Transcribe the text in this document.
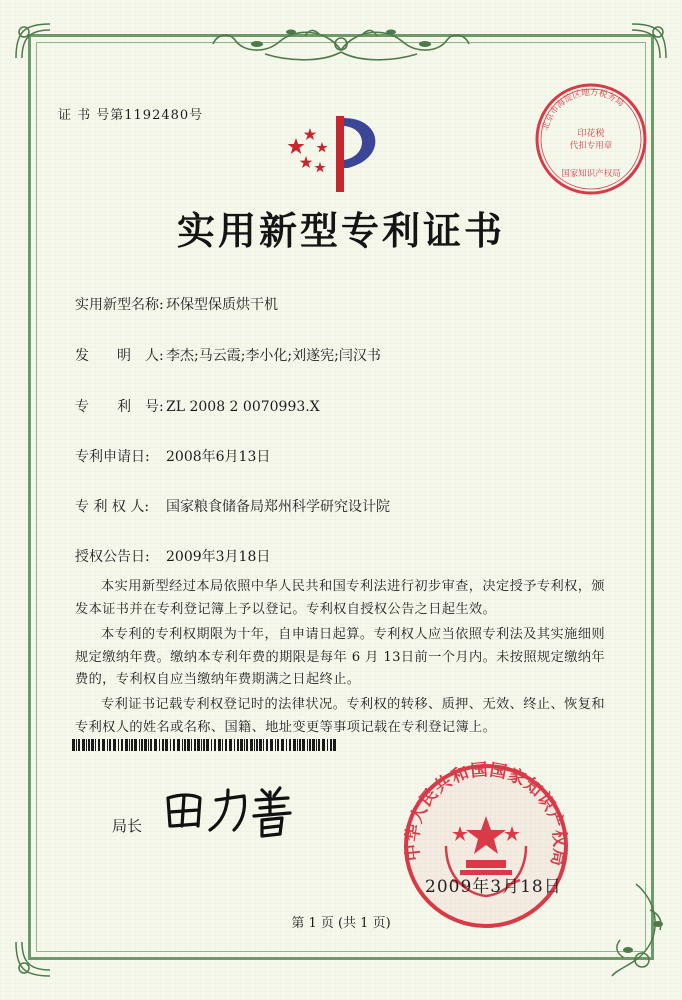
证 书 号第1192480号
北京市海淀区地方税务局
印花税
代扣专用章
国家知识产权局
实用新型专利证书
实用新型名称: 环保型保质烘干机
发　　明　人: 李杰;马云霞;李小化;刘遂宪;闫汉书
专　　利　号: ZL 2008 2 0070993.X
专利申请日: 2008年6月13日
专 利 权 人: 国家粮食储备局郑州科学研究设计院
授权公告日: 2009年3月18日
本实用新型经过本局依照中华人民共和国专利法进行初步审查，决定授予专利权，颁发本证书并在专利登记簿上予以登记。专利权自授权公告之日起生效。
本专利的专利权期限为十年，自申请日起算。专利权人应当依照专利法及其实施细则规定缴纳年费。缴纳本专利年费的期限是每年 6 月 13日前一个月内。未按照规定缴纳年费的，专利权自应当缴纳年费期满之日起终止。
专利证书记载专利权登记时的法律状况。专利权的转移、质押、无效、终止、恢复和专利权人的姓名或名称、国籍、地址变更等事项记载在专利登记簿上。
局长
中华人民共和国国家知识产权局
2009年3月18日
第 1 页 (共 1 页)
